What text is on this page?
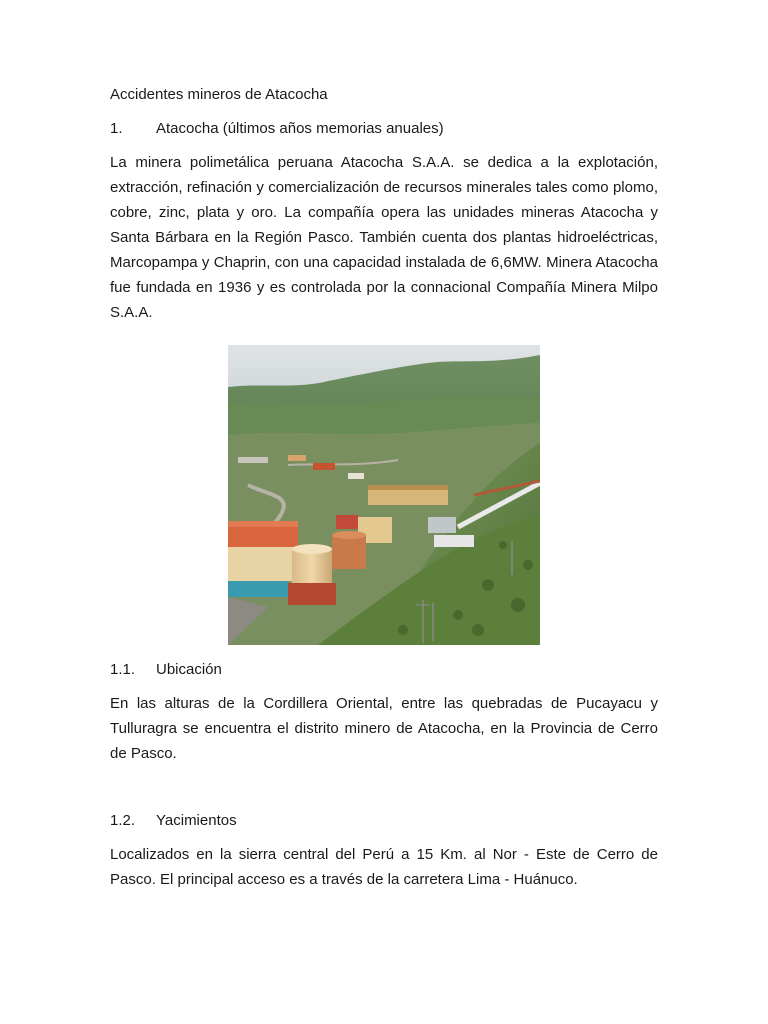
Accidentes mineros de Atacocha

1.	Atacocha (últimos años memorias anuales)

La minera polimetálica peruana Atacocha S.A.A. se dedica a la explotación, extracción, refinación y comercialización de recursos minerales tales como plomo, cobre, zinc, plata y oro. La compañía opera las unidades mineras Atacocha y Santa Bárbara en la Región Pasco. También cuenta dos plantas hidroeléctricas, Marcopampa y Chaprin, con una capacidad instalada de 6,6MW. Minera Atacocha fue fundada en 1936 y es controlada por la connacional Compañía Minera Milpo S.A.A.

1.1.	Ubicación

En las alturas de la Cordillera Oriental, entre las quebradas de Pucayacu y Tulluragra se encuentra el distrito minero de Atacocha, en la Provincia de Cerro de Pasco.

1.2.	Yacimientos

Localizados en la sierra central del Perú a 15 Km. al Nor - Este de Cerro de Pasco. El principal acceso es a través de la carretera Lima - Huánuco.
